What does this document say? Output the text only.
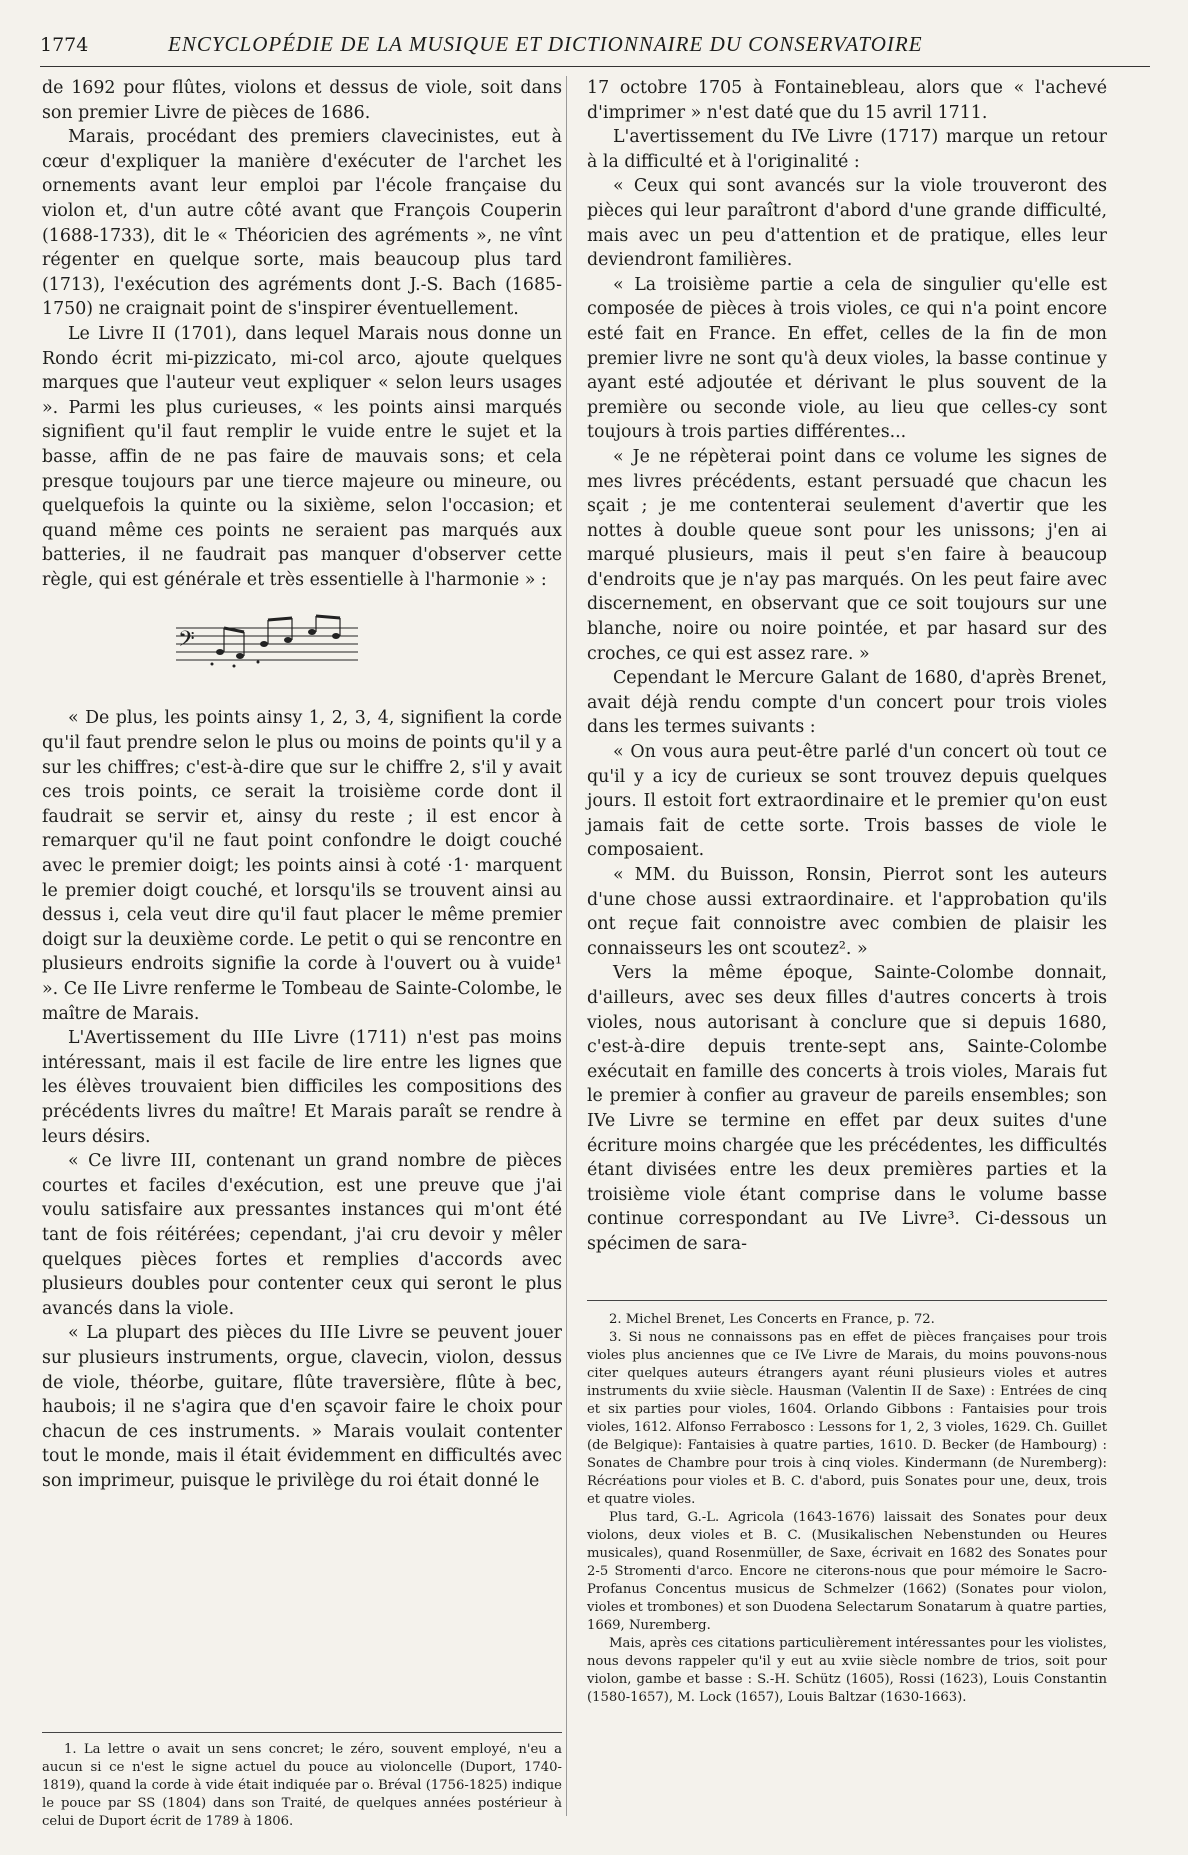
1774	ENCYCLOPÉDIE DE LA MUSIQUE ET DICTIONNAIRE DU CONSERVATOIRE

de 1692 pour flûtes, violons et dessus de viole, soit dans son premier Livre de pièces de 1686.

Marais, procédant des premiers clavecinistes, eut à cœur d'expliquer la manière d'exécuter de l'archet les ornements avant leur emploi par l'école française du violon et, d'un autre côté avant que François Couperin (1688-1733), dit le « Théoricien des agréments », ne vînt régenter en quelque sorte, mais beaucoup plus tard (1713), l'exécution des agréments dont J.-S. Bach (1685-1750) ne craignait point de s'inspirer éventuellement.

Le Livre II (1701), dans lequel Marais nous donne un Rondo écrit mi-pizzicato, mi-col arco, ajoute quelques marques que l'auteur veut expliquer « selon leurs usages ». Parmi les plus curieuses, « les points ainsi marqués signifient qu'il faut remplir le vuide entre le sujet et la basse, affin de ne pas faire de mauvais sons; et cela presque toujours par une tierce majeure ou mineure, ou quelquefois la quinte ou la sixième, selon l'occasion; et quand même ces points ne seraient pas marqués aux batteries, il ne faudrait pas manquer d'observer cette règle, qui est générale et très essentielle à l'harmonie » :

𝄢

« De plus, les points ainsy 1, 2, 3, 4, signifient la corde qu'il faut prendre selon le plus ou moins de points qu'il y a sur les chiffres; c'est-à-dire que sur le chiffre 2, s'il y avait ces trois points, ce serait la troisième corde dont il faudrait se servir et, ainsy du reste ; il est encor à remarquer qu'il ne faut point confondre le doigt couché avec le premier doigt; les points ainsi à coté ·1· marquent le premier doigt couché, et lorsqu'ils se trouvent ainsi au dessus i, cela veut dire qu'il faut placer le même premier doigt sur la deuxième corde. Le petit o qui se rencontre en plusieurs endroits signifie la corde à l'ouvert ou à vuide¹ ». Ce IIe Livre renferme le Tombeau de Sainte-Colombe, le maître de Marais.

L'Avertissement du IIIe Livre (1711) n'est pas moins intéressant, mais il est facile de lire entre les lignes que les élèves trouvaient bien difficiles les compositions des précédents livres du maître! Et Marais paraît se rendre à leurs désirs.

« Ce livre III, contenant un grand nombre de pièces courtes et faciles d'exécution, est une preuve que j'ai voulu satisfaire aux pressantes instances qui m'ont été tant de fois réitérées; cependant, j'ai cru devoir y mêler quelques pièces fortes et remplies d'accords avec plusieurs doubles pour contenter ceux qui seront le plus avancés dans la viole.

« La plupart des pièces du IIIe Livre se peuvent jouer sur plusieurs instruments, orgue, clavecin, violon, dessus de viole, théorbe, guitare, flûte traversière, flûte à bec, haubois; il ne s'agira que d'en sçavoir faire le choix pour chacun de ces instruments. » Marais voulait contenter tout le monde, mais il était évidemment en difficultés avec son imprimeur, puisque le privilège du roi était donné le

1. La lettre o avait un sens concret; le zéro, souvent employé, n'eu a aucun si ce n'est le signe actuel du pouce au violoncelle (Duport, 1740-1819), quand la corde à vide était indiquée par o. Bréval (1756-1825) indique le pouce par SS (1804) dans son Traité, de quelques années postérieur à celui de Duport écrit de 1789 à 1806.

17 octobre 1705 à Fontainebleau, alors que « l'achevé d'imprimer » n'est daté que du 15 avril 1711.

L'avertissement du IVe Livre (1717) marque un retour à la difficulté et à l'originalité :

« Ceux qui sont avancés sur la viole trouveront des pièces qui leur paraîtront d'abord d'une grande difficulté, mais avec un peu d'attention et de pratique, elles leur deviendront familières.

« La troisième partie a cela de singulier qu'elle est composée de pièces à trois violes, ce qui n'a point encore esté fait en France. En effet, celles de la fin de mon premier livre ne sont qu'à deux violes, la basse continue y ayant esté adjoutée et dérivant le plus souvent de la première ou seconde viole, au lieu que celles-cy sont toujours à trois parties différentes...

« Je ne répèterai point dans ce volume les signes de mes livres précédents, estant persuadé que chacun les sçait ; je me contenterai seulement d'avertir que les nottes à double queue sont pour les unissons; j'en ai marqué plusieurs, mais il peut s'en faire à beaucoup d'endroits que je n'ay pas marqués. On les peut faire avec discernement, en observant que ce soit toujours sur une blanche, noire ou noire pointée, et par hasard sur des croches, ce qui est assez rare. »

Cependant le Mercure Galant de 1680, d'après Brenet, avait déjà rendu compte d'un concert pour trois violes dans les termes suivants :

« On vous aura peut-être parlé d'un concert où tout ce qu'il y a icy de curieux se sont trouvez depuis quelques jours. Il estoit fort extraordinaire et le premier qu'on eust jamais fait de cette sorte. Trois basses de viole le composaient.

« MM. du Buisson, Ronsin, Pierrot sont les auteurs d'une chose aussi extraordinaire. et l'approbation qu'ils ont reçue fait connoistre avec combien de plaisir les connaisseurs les ont scoutez². »

Vers la même époque, Sainte-Colombe donnait, d'ailleurs, avec ses deux filles d'autres concerts à trois violes, nous autorisant à conclure que si depuis 1680, c'est-à-dire depuis trente-sept ans, Sainte-Colombe exécutait en famille des concerts à trois violes, Marais fut le premier à confier au graveur de pareils ensembles; son IVe Livre se termine en effet par deux suites d'une écriture moins chargée que les précédentes, les difficultés étant divisées entre les deux premières parties et la troisième viole étant comprise dans le volume basse continue correspondant au IVe Livre³. Ci-dessous un spécimen de sara-

2. Michel Brenet, Les Concerts en France, p. 72.

3. Si nous ne connaissons pas en effet de pièces françaises pour trois violes plus anciennes que ce IVe Livre de Marais, du moins pouvons-nous citer quelques auteurs étrangers ayant réuni plusieurs violes et autres instruments du xviie siècle. Hausman (Valentin II de Saxe) : Entrées de cinq et six parties pour violes, 1604. Orlando Gibbons : Fantaisies pour trois violes, 1612. Alfonso Ferrabosco : Lessons for 1, 2, 3 violes, 1629. Ch. Guillet (de Belgique): Fantaisies à quatre parties, 1610. D. Becker (de Hambourg) : Sonates de Chambre pour trois à cinq violes. Kindermann (de Nuremberg): Récréations pour violes et B. C. d'abord, puis Sonates pour une, deux, trois et quatre violes.

Plus tard, G.-L. Agricola (1643-1676) laissait des Sonates pour deux violons, deux violes et B. C. (Musikalischen Nebenstunden ou Heures musicales), quand Rosenmüller, de Saxe, écrivait en 1682 des Sonates pour 2-5 Stromenti d'arco. Encore ne citerons-nous que pour mémoire le Sacro-Profanus Concentus musicus de Schmelzer (1662) (Sonates pour violon, violes et trombones) et son Duodena Selectarum Sonatarum à quatre parties, 1669, Nuremberg.

Mais, après ces citations particulièrement intéressantes pour les violistes, nous devons rappeler qu'il y eut au xviie siècle nombre de trios, soit pour violon, gambe et basse : S.-H. Schütz (1605), Rossi (1623), Louis Constantin (1580-1657), M. Lock (1657), Louis Baltzar (1630-1663).
